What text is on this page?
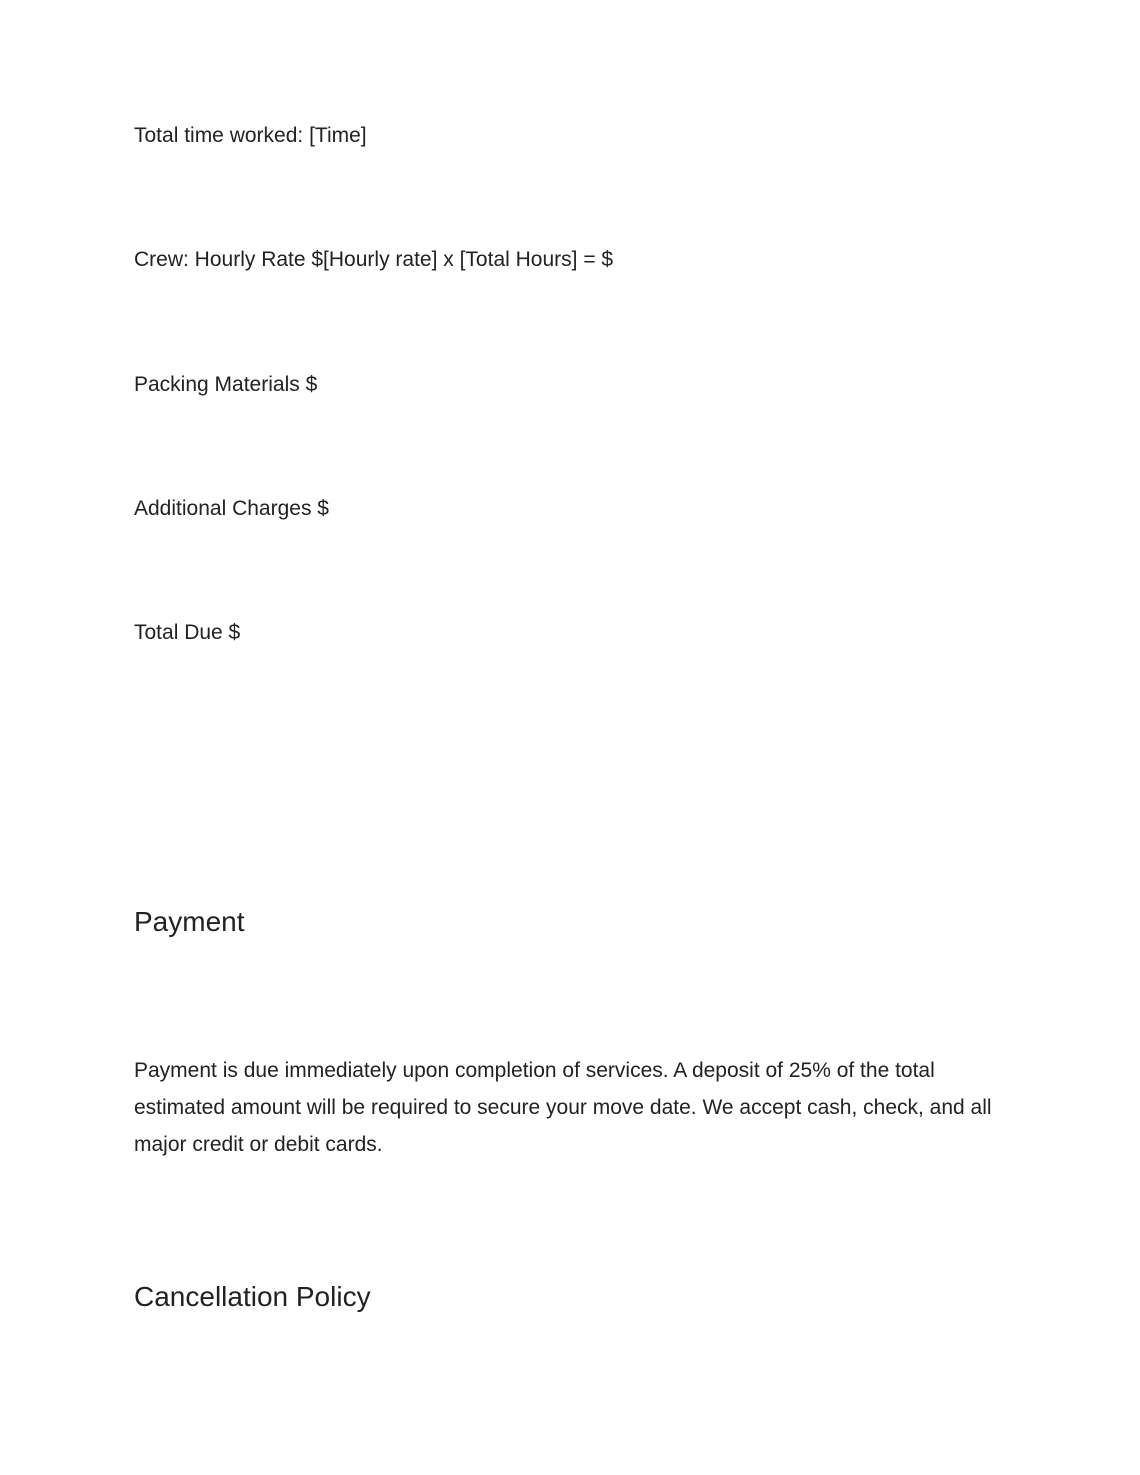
Total time worked: [Time]
Crew: Hourly Rate $[Hourly rate] x [Total Hours] = $
Packing Materials $
Additional Charges $
Total Due $
Payment
Payment is due immediately upon completion of services. A deposit of 25% of the total estimated amount will be required to secure your move date. We accept cash, check, and all major credit or debit cards.
Cancellation Policy
